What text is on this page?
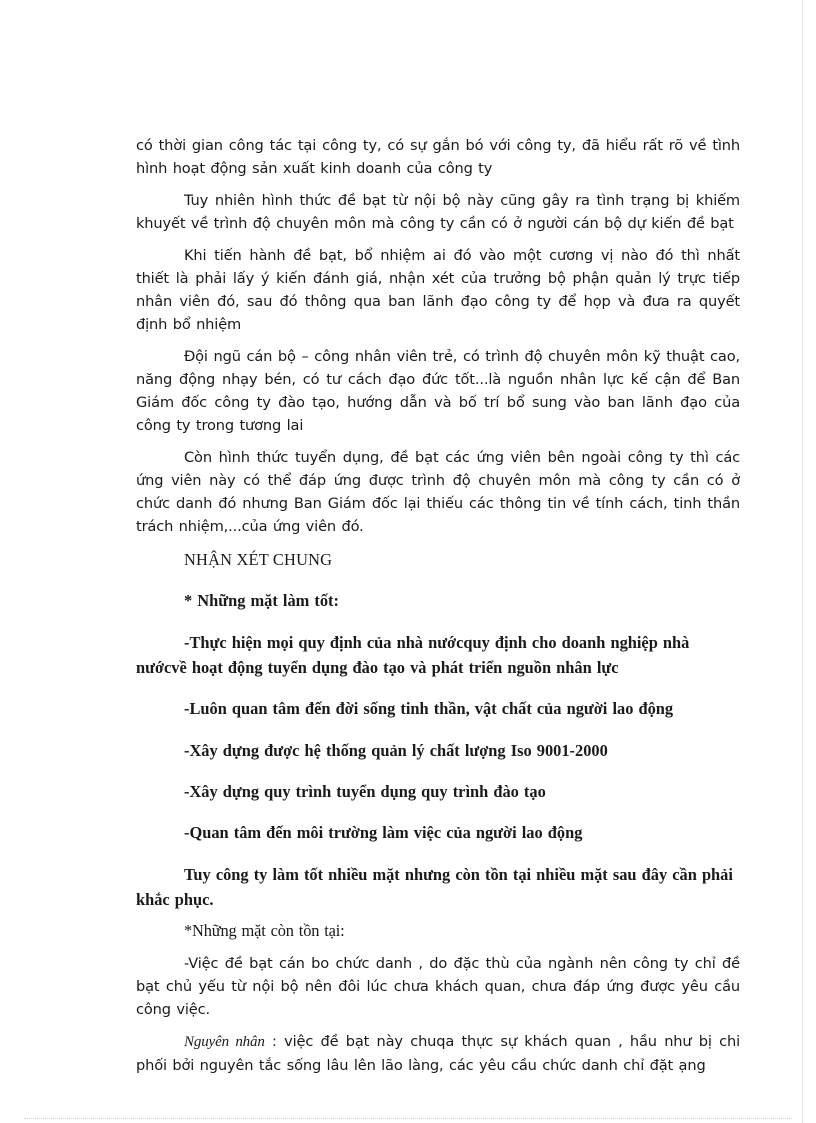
có thời gian công tác tại công ty, có sự gắn bó với công ty, đã hiểu rất rõ về tình hình hoạt động sản xuất kinh doanh của công ty

Tuy nhiên hình thức đề bạt từ nội bộ này cũng gây ra tình trạng bị khiếm khuyết về trình độ chuyên môn mà công ty cần có ở người cán bộ dự kiến đề bạt

Khi tiến hành đề bạt, bổ nhiệm ai đó vào một cương vị nào đó thì nhất thiết là phải lấy ý kiến đánh giá, nhận xét của trưởng bộ phận quản lý trực tiếp nhân viên đó, sau đó thông qua ban lãnh đạo công ty để họp và đưa ra quyết định bổ nhiệm

Đội ngũ cán bộ – công nhân viên trẻ, có trình độ chuyên môn kỹ thuật cao, năng động nhạy bén, có tư cách đạo đức tốt...là nguồn nhân lực kế cận để Ban Giám đốc công ty đào tạo, hướng dẫn và bố trí bổ sung vào ban lãnh đạo của công ty trong tương lai

Còn hình thức tuyển dụng, đề bạt các ứng viên bên ngoài công ty thì các ứng viên này có thể đáp ứng được trình độ chuyên môn mà công ty cần có ở chức danh đó nhưng Ban Giám đốc lại thiếu các thông tin về tính cách, tinh thần trách nhiệm,...của ứng viên đó.

NHẬN XÉT CHUNG

* Những mặt làm tốt:

-Thực hiện mọi quy định của nhà nướcquy định cho doanh nghiệp nhà nướcvề hoạt động tuyển dụng đào tạo và phát triển nguồn nhân lực

-Luôn quan tâm đến đời sống tinh thần, vật chất của người lao động

-Xây dựng được hệ thống quản lý chất lượng Iso 9001-2000

-Xây dựng quy trình tuyển dụng quy trình đào tạo

-Quan tâm đến môi trường làm việc của người lao động

Tuy công ty làm tốt nhiều mặt nhưng còn tồn tại nhiều mặt sau đây cần phải khắc phục.

*Những mặt còn tồn tại:

-Việc đề bạt cán bo chức danh , do đặc thù của ngành nên công ty chỉ đề bạt chủ yếu từ nội bộ nên đôi lúc chưa khách quan, chưa đáp ứng được yêu cầu công việc.

Nguyên nhân : việc đề bạt này chuqa thực sự khách quan , hầu như bị chi phối bởi nguyên tắc sống lâu lên lão làng, các yêu cầu chức danh chỉ đặt ạng
